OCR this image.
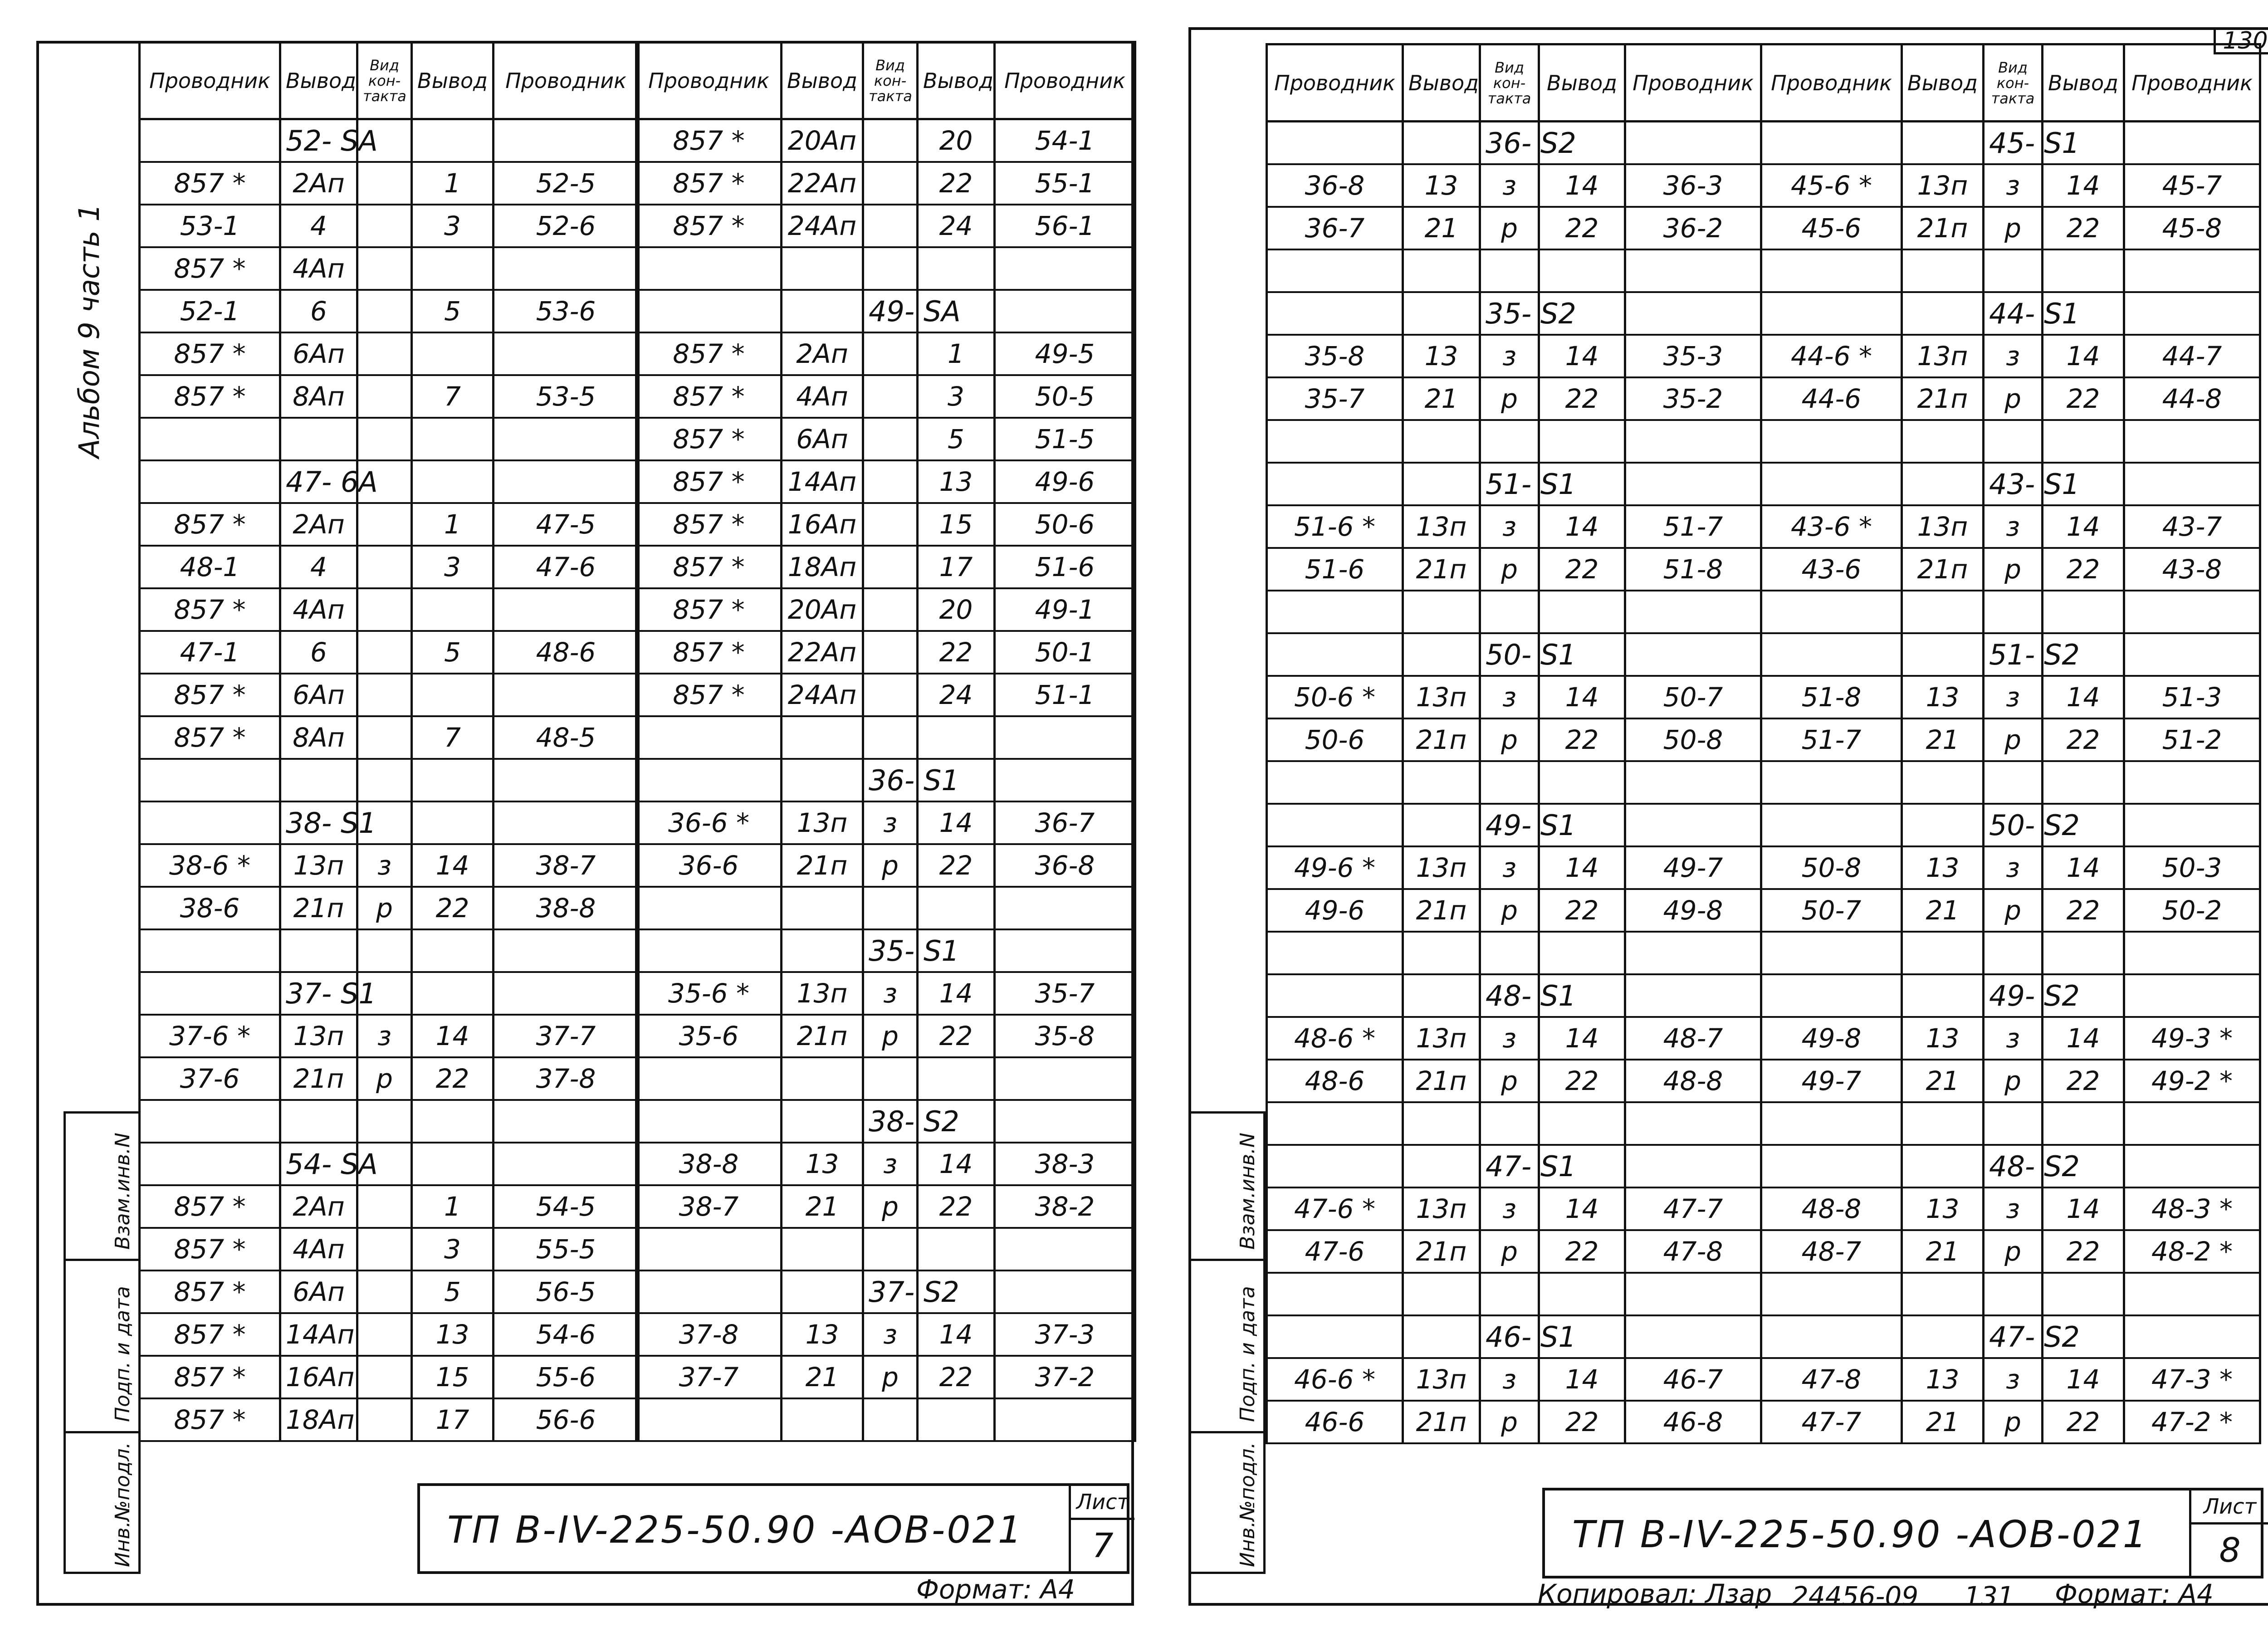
130
Альбом 9 часть 1
Взам.инв.N
Подп. и дата
Инв.№подл.
Взам.инв.N
Подп. и дата
Инв.№подл.
Проводник	Вывод	Вид кон- такта	Вывод	Проводник
	52- SA			
857 *	2Ап		1	52-5
53-1	4		3	52-6
857 *	4Ап			
52-1	6		5	53-6
857 *	6Ап			
857 *	8Ап		7	53-5

	47- 6А			
857 *	2Ап		1	47-5
48-1	4		3	47-6
857 *	4Ап			
47-1	6		5	48-6
857 *	6Ап			
857 *	8Ап		7	48-5

	38- S1			
38-6 *	13п	з	14	38-7
38-6	21п	р	22	38-8

	37- S1			
37-6 *	13п	з	14	37-7
37-6	21п	р	22	37-8

	54- SA			
857 *	2Ап		1	54-5
857 *	4Ап		3	55-5
857 *	6Ап		5	56-5
857 *	14Ап		13	54-6
857 *	16Ап		15	55-6
857 *	18Ап		17	56-6
Проводник	Вывод	Вид кон- такта	Вывод	Проводник
857 *	20Ап		20	54-1
857 *	22Ап		22	55-1
857 *	24Ап		24	56-1

		49- SA		
857 *	2Ап		1	49-5
857 *	4Ап		3	50-5
857 *	6Ап		5	51-5
857 *	14Ап		13	49-6
857 *	16Ап		15	50-6
857 *	18Ап		17	51-6
857 *	20Ап		20	49-1
857 *	22Ап		22	50-1
857 *	24Ап		24	51-1

		36- S1		
36-6 *	13п	з	14	36-7
36-6	21п	р	22	36-8

		35- S1		
35-6 *	13п	з	14	35-7
35-6	21п	р	22	35-8

		38- S2		
38-8	13	з	14	38-3
38-7	21	р	22	38-2

		37- S2		
37-8	13	з	14	37-3
37-7	21	р	22	37-2

Проводник	Вывод	Вид кон- такта	Вывод	Проводник
		36- S2		
36-8	13	з	14	36-3
36-7	21	р	22	36-2

		35- S2		
35-8	13	з	14	35-3
35-7	21	р	22	35-2

		51- S1		
51-6 *	13п	з	14	51-7
51-6	21п	р	22	51-8

		50- S1		
50-6 *	13п	з	14	50-7
50-6	21п	р	22	50-8

		49- S1		
49-6 *	13п	з	14	49-7
49-6	21п	р	22	49-8

		48- S1		
48-6 *	13п	з	14	48-7
48-6	21п	р	22	48-8

		47- S1		
47-6 *	13п	з	14	47-7
47-6	21п	р	22	47-8

		46- S1		
46-6 *	13п	з	14	46-7
46-6	21п	р	22	46-8
Проводник	Вывод	Вид кон- такта	Вывод	Проводник
		45- S1		
45-6 *	13п	з	14	45-7
45-6	21п	р	22	45-8

		44- S1		
44-6 *	13п	з	14	44-7
44-6	21п	р	22	44-8

		43- S1		
43-6 *	13п	з	14	43-7
43-6	21п	р	22	43-8

		51- S2		
51-8	13	з	14	51-3
51-7	21	р	22	51-2

		50- S2		
50-8	13	з	14	50-3
50-7	21	р	22	50-2

		49- S2		
49-8	13	з	14	49-3 *
49-7	21	р	22	49-2 *

		48- S2		
48-8	13	з	14	48-3 *
48-7	21	р	22	48-2 *

		47- S2		
47-8	13	з	14	47-3 *
47-7	21	р	22	47-2 *
ТП В-IV-225-50.90 -АОВ-021
Лист
7
Формат: А4
ТП В-IV-225-50.90 -АОВ-021
Лист
8
Копировал: Лзар 24456-09 131 Формат: А4
